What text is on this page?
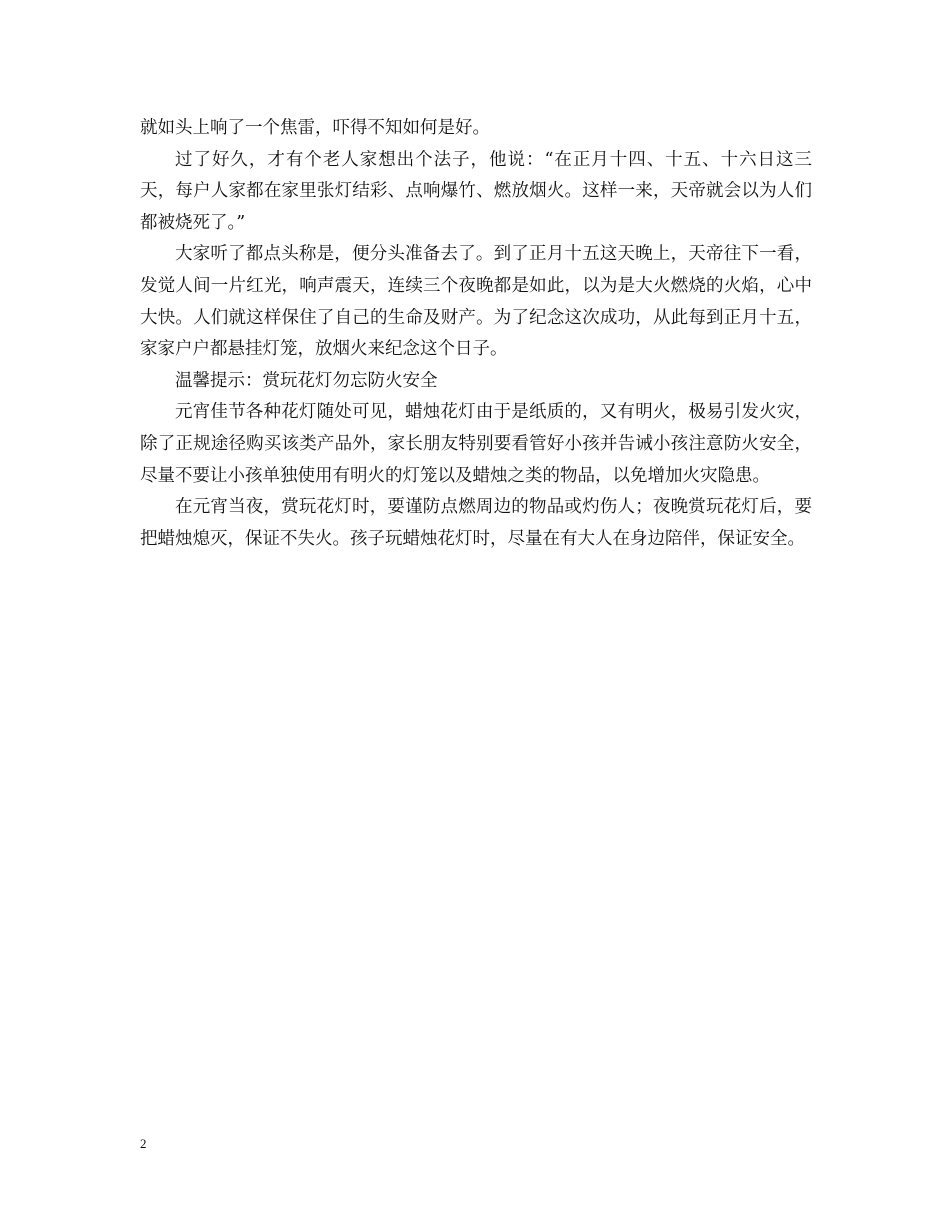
就如头上响了一个焦雷，吓得不知如何是好。

过了好久，才有个老人家想出个法子，他说：“在正月十四、十五、十六日这三天，每户人家都在家里张灯结彩、点响爆竹、燃放烟火。这样一来，天帝就会以为人们都被烧死了。”

大家听了都点头称是，便分头准备去了。到了正月十五这天晚上，天帝往下一看，发觉人间一片红光，响声震天，连续三个夜晚都是如此，以为是大火燃烧的火焰，心中大快。人们就这样保住了自己的生命及财产。为了纪念这次成功，从此每到正月十五，家家户户都悬挂灯笼，放烟火来纪念这个日子。

温馨提示：赏玩花灯勿忘防火安全

元宵佳节各种花灯随处可见，蜡烛花灯由于是纸质的，又有明火，极易引发火灾，除了正规途径购买该类产品外，家长朋友特别要看管好小孩并告诫小孩注意防火安全，尽量不要让小孩单独使用有明火的灯笼以及蜡烛之类的物品，以免增加火灾隐患。

在元宵当夜，赏玩花灯时，要谨防点燃周边的物品或灼伤人；夜晚赏玩花灯后，要把蜡烛熄灭，保证不失火。孩子玩蜡烛花灯时，尽量在有大人在身边陪伴，保证安全。

2
